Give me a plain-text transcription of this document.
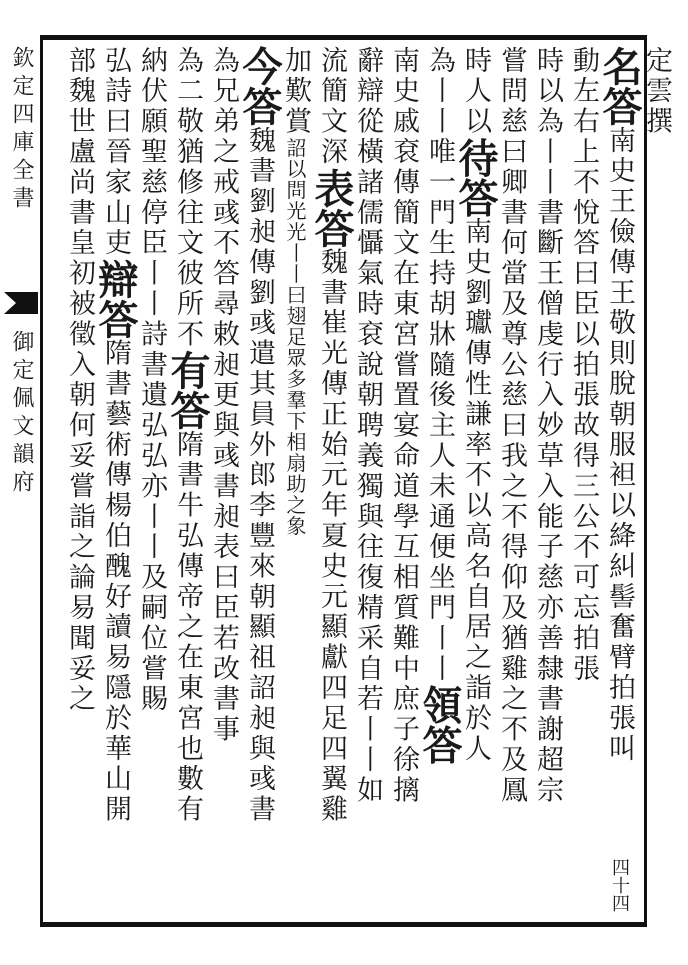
欽定四庫全書
御定佩文韻府
四十四
定雲撰
名答南史王儉傳王敬則脫朝服袒以絳糾髻奮臂拍張叫
動左右上不悅答曰臣以拍張故得三公不可忘拍張
時以為丨丨書斷王僧虔行入妙草入能子慈亦善隸書謝超宗
嘗問慈曰卿書何當及尊公慈曰我之不得仰及猶雞之不及鳳
時人以待答南史劉瓛傳性謙率不以高名自居之詣於人
為丨丨唯一門生持胡牀隨後主人未通便坐門丨丨領答
南史戚袞傳簡文在東宮嘗置宴命道學互相質難中庶子徐摛
辭辯從橫諸儒懾氣時袞說朝聘義獨與往復精采自若丨丨如
流簡文深表答魏書崔光傳正始元年夏史元顯獻四足四翼雞
加歎賞詔以問光光丨丨曰翅足眾多羣下相扇助之象
今答魏書劉昶傳劉彧遣其員外郎李豐來朝顯祖詔昶與彧書
為兄弟之戒彧不答尋敕昶更與彧書昶表曰臣若改書事
為二敬猶修往文彼所不有答隋書牛弘傳帝之在東宮也數有
納伏願聖慈停臣丨丨詩書遺弘弘亦丨丨及嗣位嘗賜
弘詩曰晉家山吏辯答隋書藝術傳楊伯醜好讀易隱於華山開
部魏世盧尚書皇初被徵入朝何妥嘗詣之論易聞妥之
